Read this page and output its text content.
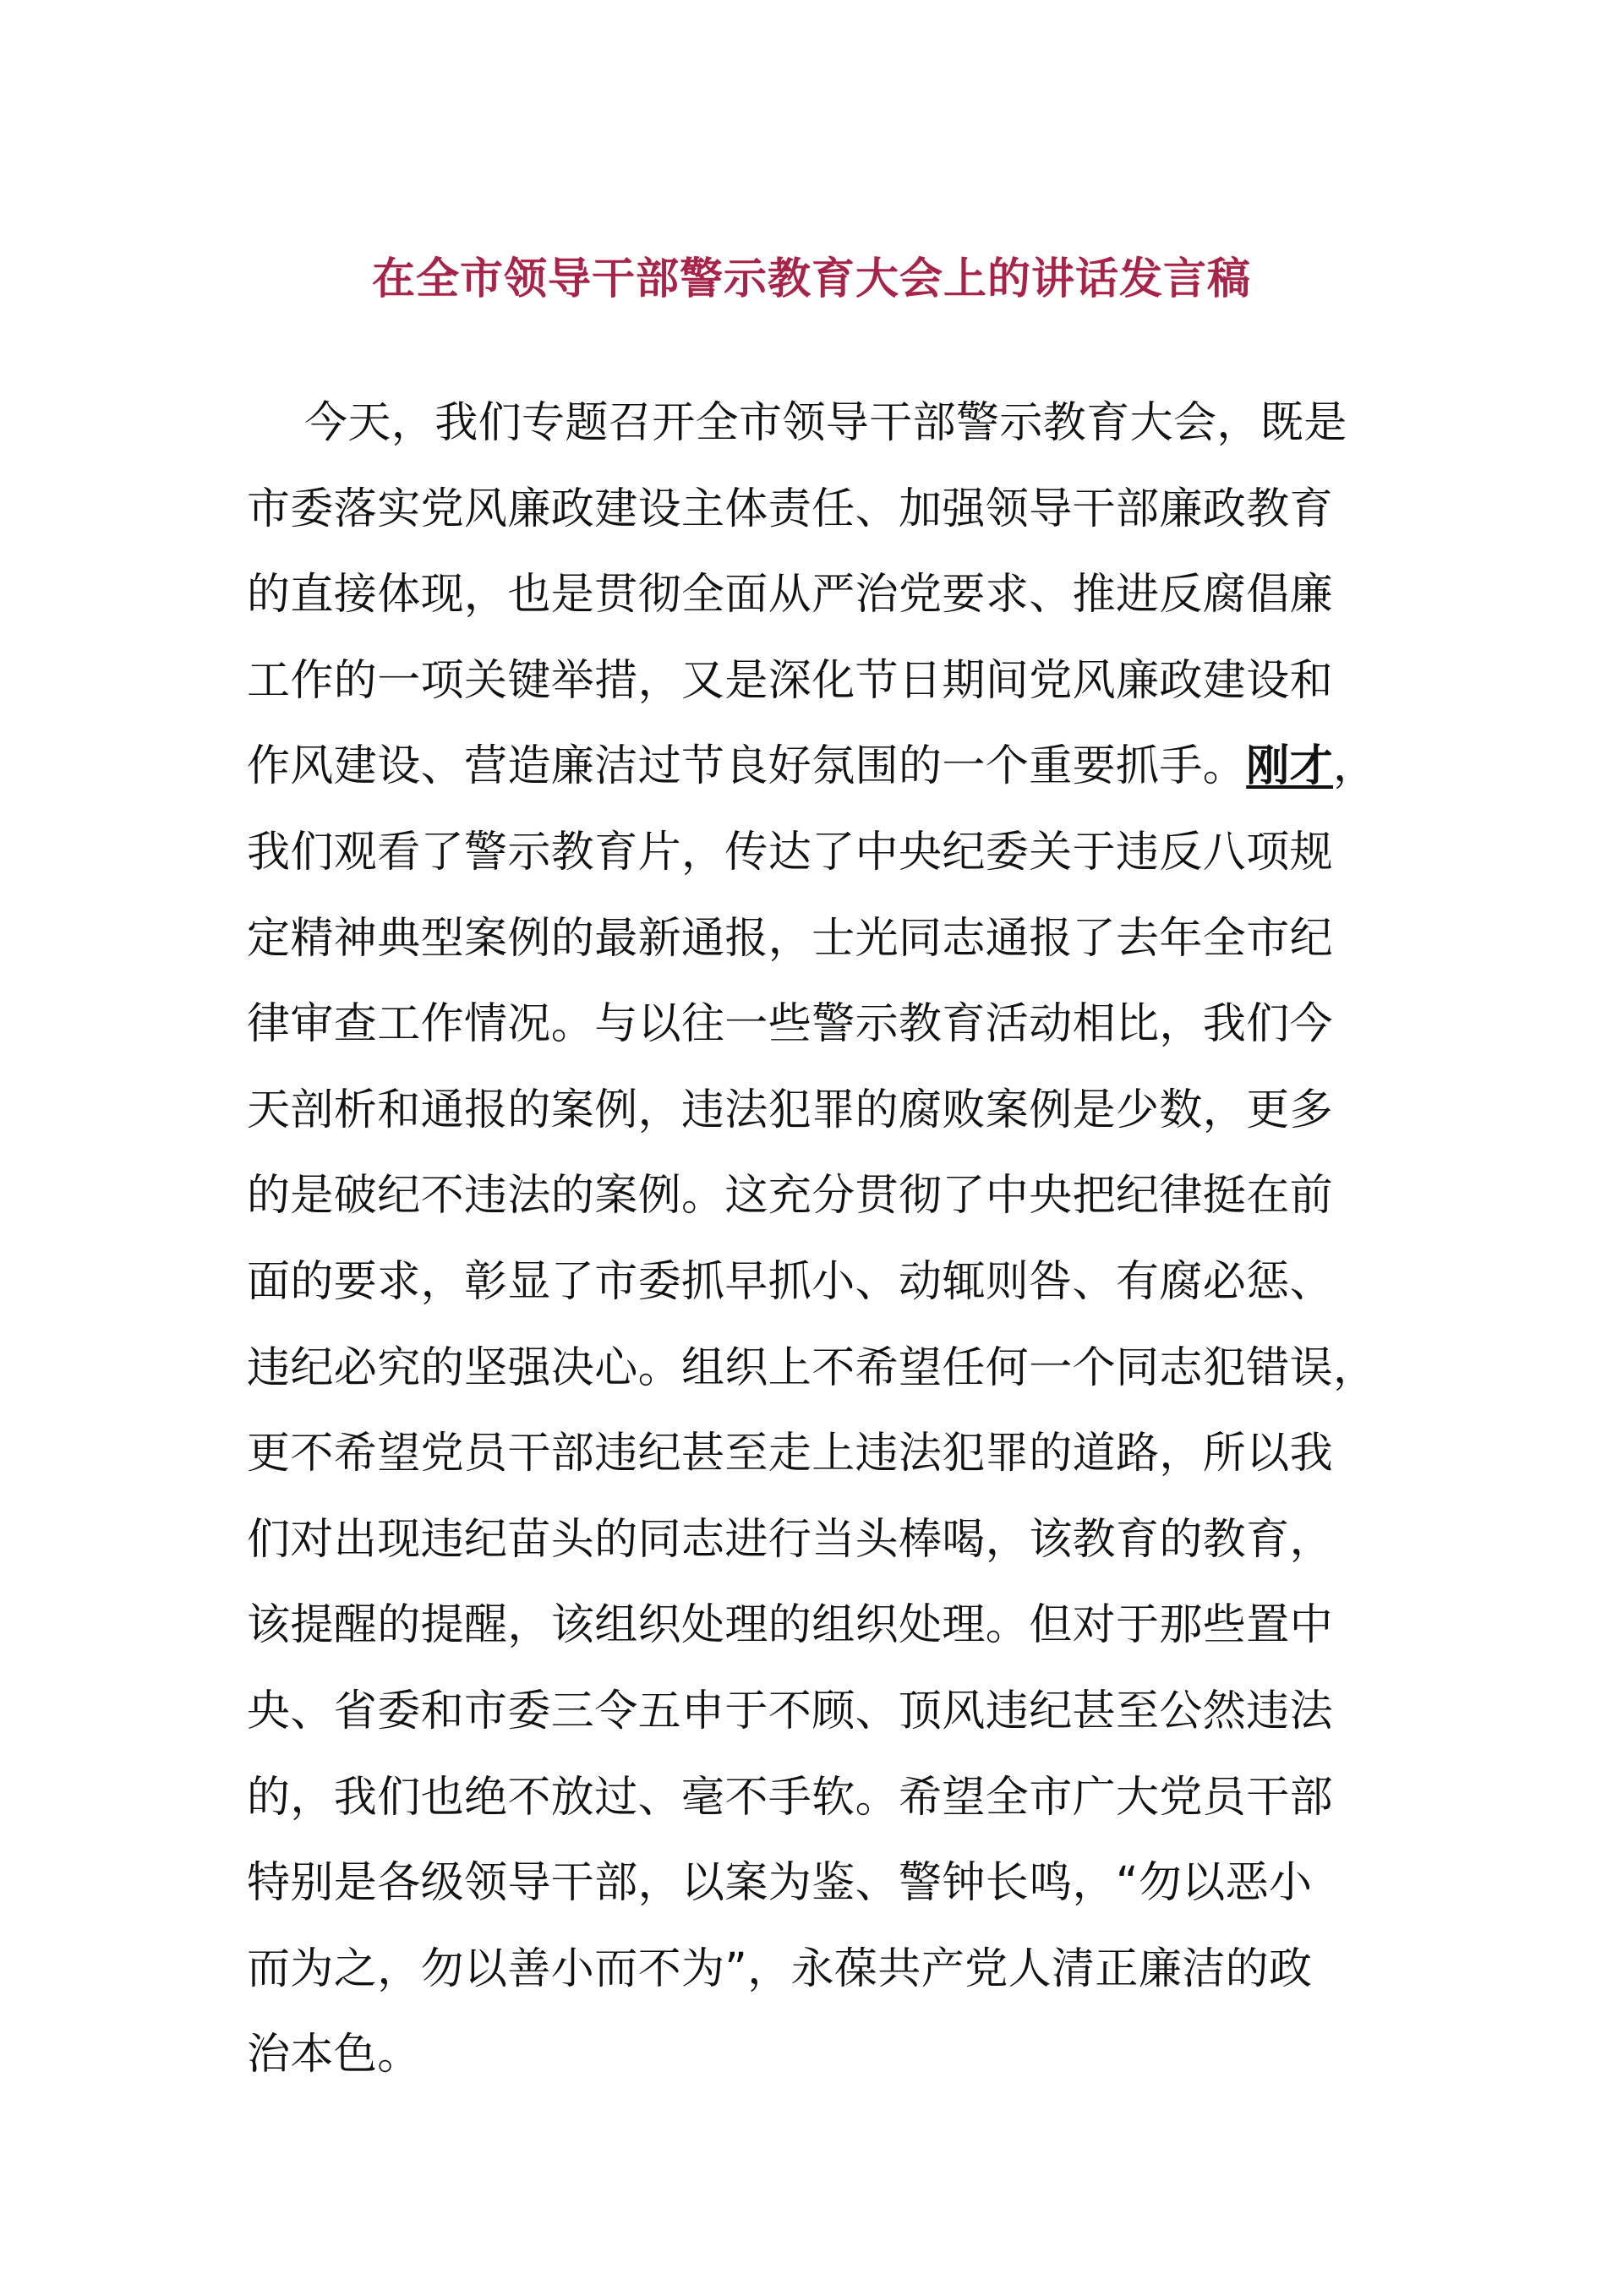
在全市领导干部警示教育大会上的讲话发言稿
今天，我们专题召开全市领导干部警示教育大会，既是
市委落实党风廉政建设主体责任、加强领导干部廉政教育
的直接体现，也是贯彻全面从严治党要求、推进反腐倡廉
工作的一项关键举措，又是深化节日期间党风廉政建设和
作风建设、营造廉洁过节良好氛围的一个重要抓手。刚才，
我们观看了警示教育片，传达了中央纪委关于违反八项规
定精神典型案例的最新通报，士光同志通报了去年全市纪
律审查工作情况。与以往一些警示教育活动相比，我们今
天剖析和通报的案例，违法犯罪的腐败案例是少数，更多
的是破纪不违法的案例。这充分贯彻了中央把纪律挺在前
面的要求，彰显了市委抓早抓小、动辄则咎、有腐必惩、
违纪必究的坚强决心。组织上不希望任何一个同志犯错误，
更不希望党员干部违纪甚至走上违法犯罪的道路，所以我
们对出现违纪苗头的同志进行当头棒喝，该教育的教育，
该提醒的提醒，该组织处理的组织处理。但对于那些置中
央、省委和市委三令五申于不顾、顶风违纪甚至公然违法
的，我们也绝不放过、毫不手软。希望全市广大党员干部
特别是各级领导干部，以案为鉴、警钟长鸣，“勿以恶小
而为之，勿以善小而不为”，永葆共产党人清正廉洁的政
治本色。
